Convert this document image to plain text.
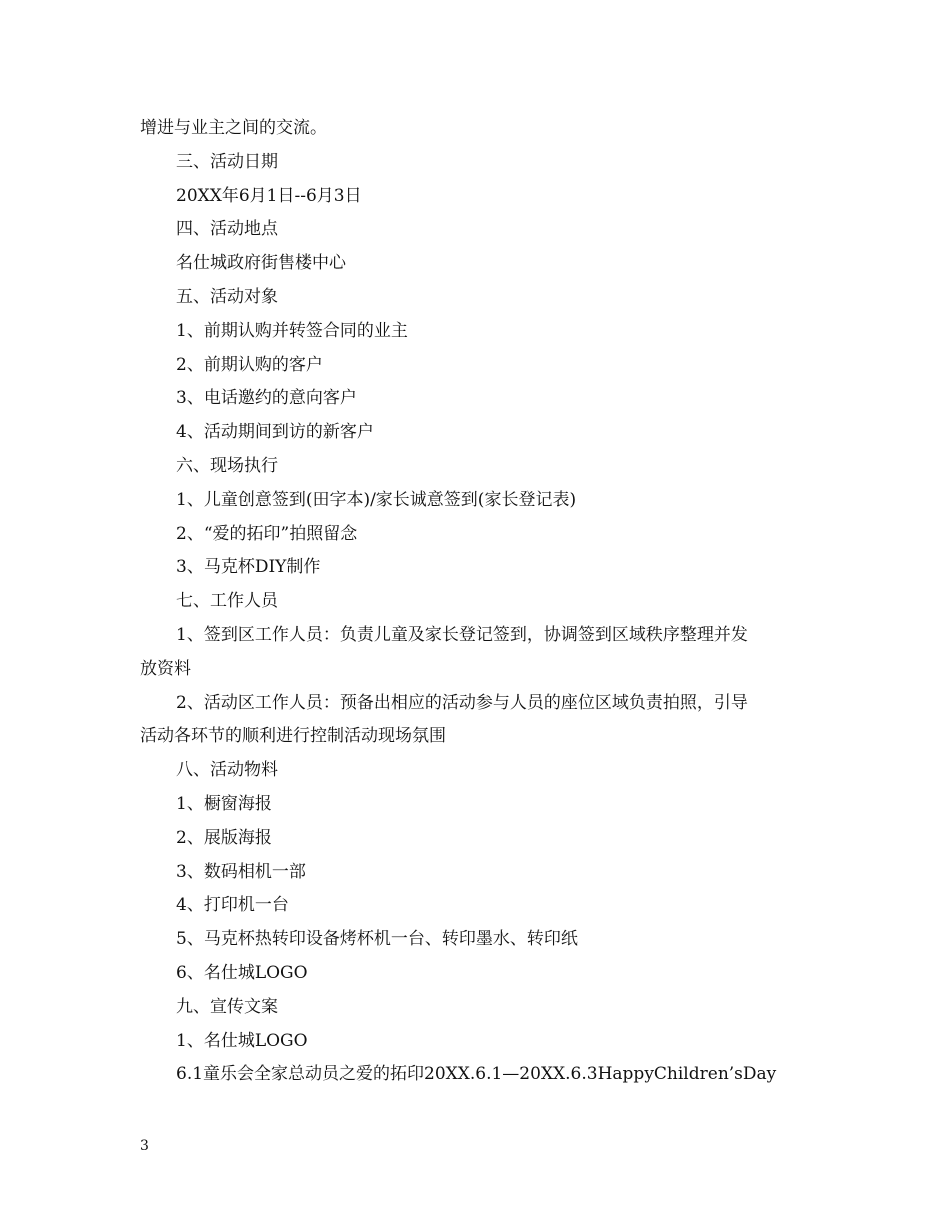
增进与业主之间的交流。
三、活动日期
20XX年6月1日--6月3日
四、活动地点
名仕城政府街售楼中心
五、活动对象
1、前期认购并转签合同的业主
2、前期认购的客户
3、电话邀约的意向客户
4、活动期间到访的新客户
六、现场执行
1、儿童创意签到(田字本)/家长诚意签到(家长登记表)
2、“爱的拓印”拍照留念
3、马克杯DIY制作
七、工作人员
1、签到区工作人员：负责儿童及家长登记签到，协调签到区域秩序整理并发
放资料
2、活动区工作人员：预备出相应的活动参与人员的座位区域负责拍照，引导
活动各环节的顺利进行控制活动现场氛围
八、活动物料
1、橱窗海报
2、展版海报
3、数码相机一部
4、打印机一台
5、马克杯热转印设备烤杯机一台、转印墨水、转印纸
6、名仕城LOGO
九、宣传文案
1、名仕城LOGO
6.1童乐会全家总动员之爱的拓印20XX.6.1—20XX.6.3HappyChildren’sDay
3
